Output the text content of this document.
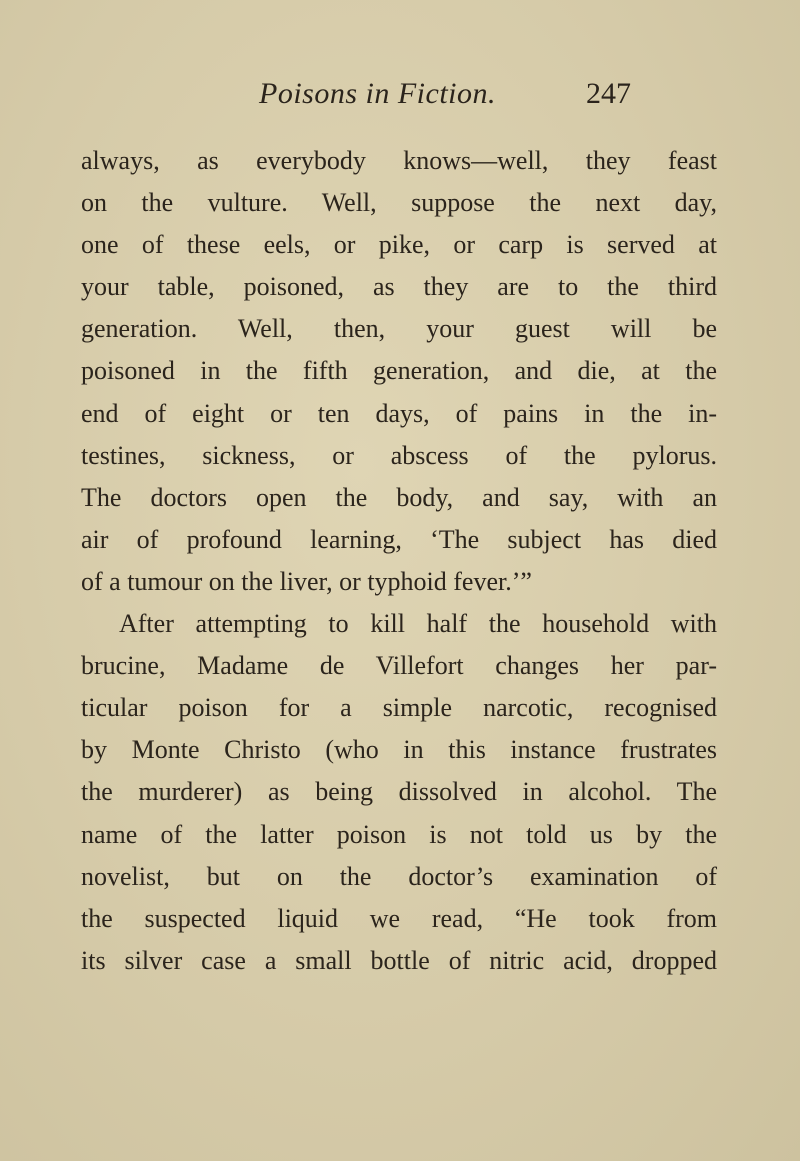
Poisons in Fiction.	247
always, as everybody knows—well, they feast
on the vulture. Well, suppose the next day,
one of these eels, or pike, or carp is served at
your table, poisoned, as they are to the third
generation. Well, then, your guest will be
poisoned in the fifth generation, and die, at the
end of eight or ten days, of pains in the in-
testines, sickness, or abscess of the pylorus.
The doctors open the body, and say, with an
air of profound learning, ‘The subject has died
of a tumour on the liver, or typhoid fever.’”
After attempting to kill half the household with
brucine, Madame de Villefort changes her par-
ticular poison for a simple narcotic, recognised
by Monte Christo (who in this instance frustrates
the murderer) as being dissolved in alcohol. The
name of the latter poison is not told us by the
novelist, but on the doctor’s examination of
the suspected liquid we read, “He took from
its silver case a small bottle of nitric acid, dropped
